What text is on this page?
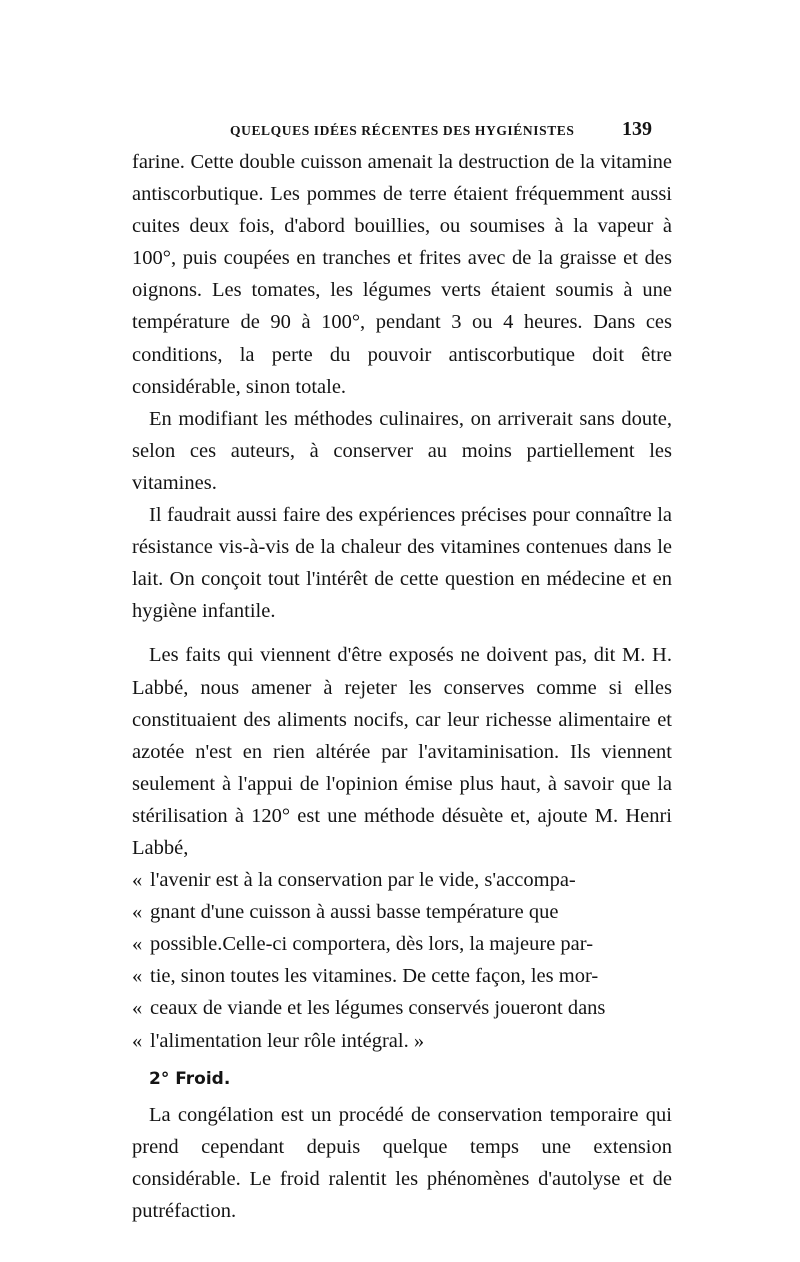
QUELQUES IDÉES RÉCENTES DES HYGIÉNISTES 139

farine. Cette double cuisson amenait la destruction de la vitamine antiscorbutique. Les pommes de terre étaient fréquemment aussi cuites deux fois, d'abord bouillies, ou soumises à la vapeur à 100°, puis coupées en tranches et frites avec de la graisse et des oignons. Les tomates, les légumes verts étaient soumis à une température de 90 à 100°, pendant 3 ou 4 heures. Dans ces conditions, la perte du pouvoir antiscorbutique doit être considérable, sinon totale.

En modifiant les méthodes culinaires, on arriverait sans doute, selon ces auteurs, à conserver au moins partiellement les vitamines.

Il faudrait aussi faire des expériences précises pour connaître la résistance vis-à-vis de la chaleur des vitamines contenues dans le lait. On conçoit tout l'intérêt de cette question en médecine et en hygiène infantile.

Les faits qui viennent d'être exposés ne doivent pas, dit M. H. Labbé, nous amener à rejeter les conserves comme si elles constituaient des aliments nocifs, car leur richesse alimentaire et azotée n'est en rien altérée par l'avitaminisation. Ils viennent seulement à l'appui de l'opinion émise plus haut, à savoir que la stérilisation à 120° est une méthode désuète et, ajoute M. Henri Labbé,

« l'avenir est à la conservation par le vide, s'accompa-

« gnant d'une cuisson à aussi basse température que

« possible.Celle-ci comportera, dès lors, la majeure par-

« tie, sinon toutes les vitamines. De cette façon, les mor-

« ceaux de viande et les légumes conservés joueront dans

« l'alimentation leur rôle intégral. »

2° Froid.

La congélation est un procédé de conservation temporaire qui prend cependant depuis quelque temps une extension considérable. Le froid ralentit les phénomènes d'autolyse et de putréfaction.
